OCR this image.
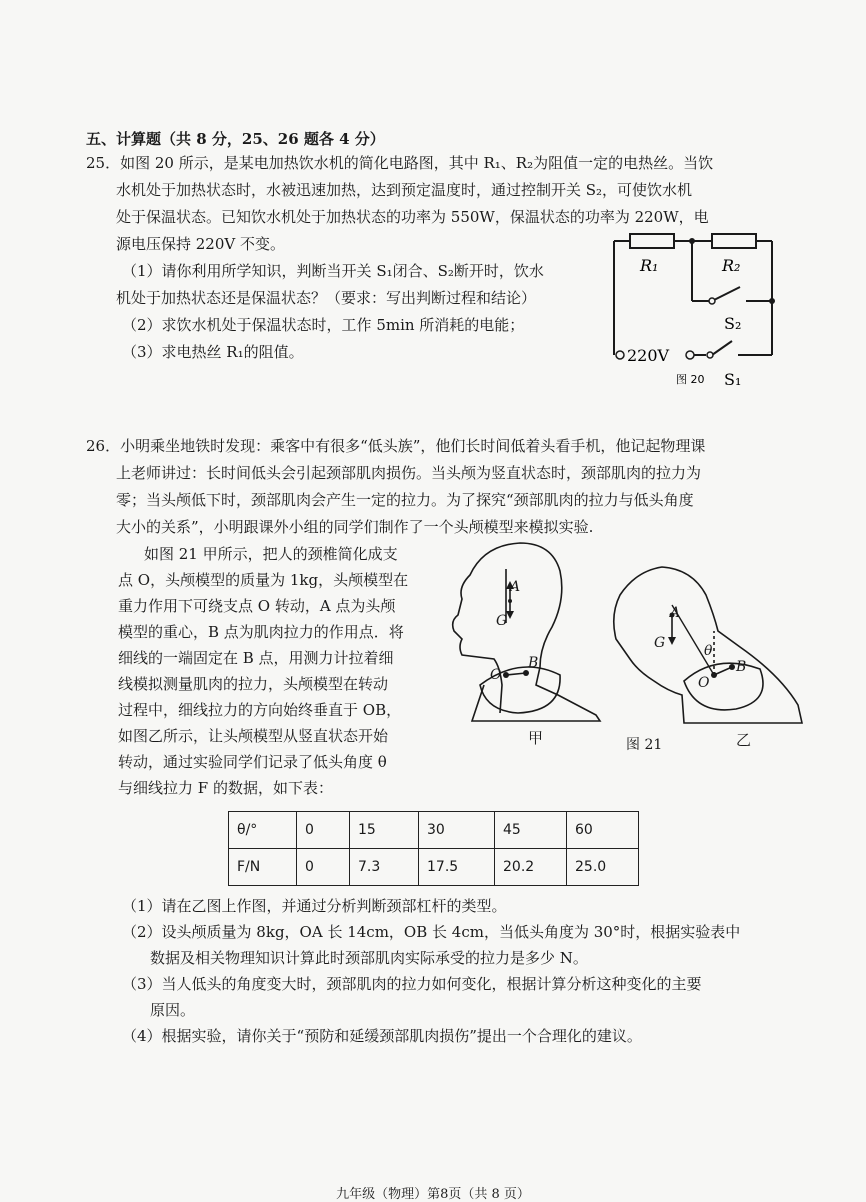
五、计算题（共 8 分，25、26 题各 4 分）
25．如图 20 所示，是某电加热饮水机的简化电路图，其中 R₁、R₂为阻值一定的电热丝。当饮
水机处于加热状态时，水被迅速加热，达到预定温度时，通过控制开关 S₂，可使饮水机
处于保温状态。已知饮水机处于加热状态的功率为 550W，保温状态的功率为 220W，电
源电压保持 220V 不变。
（1）请你利用所学知识，判断当开关 S₁闭合、S₂断开时，饮水
机处于加热状态还是保温状态？（要求：写出判断过程和结论）
（2）求饮水机处于保温状态时，工作 5min 所消耗的电能；
（3）求电热丝 R₁的阻值。
R₁	R₂
S₂
220V
图 20 S₁
26．小明乘坐地铁时发现：乘客中有很多“低头族”，他们长时间低着头看手机，他记起物理课
上老师讲过：长时间低头会引起颈部肌肉损伤。当头颅为竖直状态时，颈部肌肉的拉力为
零；当头颅低下时，颈部肌肉会产生一定的拉力。为了探究“颈部肌肉的拉力与低头角度
大小的关系”，小明跟课外小组的同学们制作了一个头颅模型来模拟实验.
如图 21 甲所示，把人的颈椎简化成支
点 O，头颅模型的质量为 1kg，头颅模型在
重力作用下可绕支点 O 转动，A 点为头颅
模型的重心，B 点为肌肉拉力的作用点．将
细线的一端固定在 B 点，用测力计拉着细
线模拟测量肌肉的拉力，头颅模型在转动
过程中，细线拉力的方向始终垂直于 OB，
如图乙所示，让头颅模型从竖直状态开始
转动，通过实验同学们记录了低头角度 θ
与细线拉力 F 的数据，如下表：
A
G
O
B
A
G	θ
O
B
甲	图 21	乙
θ/°	0	15	30	45	60
F/N	0	7.3	17.5	20.2	25.0
（1）请在乙图上作图，并通过分析判断颈部杠杆的类型。
（2）设头颅质量为 8kg，OA 长 14cm，OB 长 4cm，当低头角度为 30°时，根据实验表中
数据及相关物理知识计算此时颈部肌肉实际承受的拉力是多少 N。
（3）当人低头的角度变大时，颈部肌肉的拉力如何变化，根据计算分析这种变化的主要
原因。
（4）根据实验，请你关于“预防和延缓颈部肌肉损伤”提出一个合理化的建议。
九年级（物理）第8页（共 8 页）
